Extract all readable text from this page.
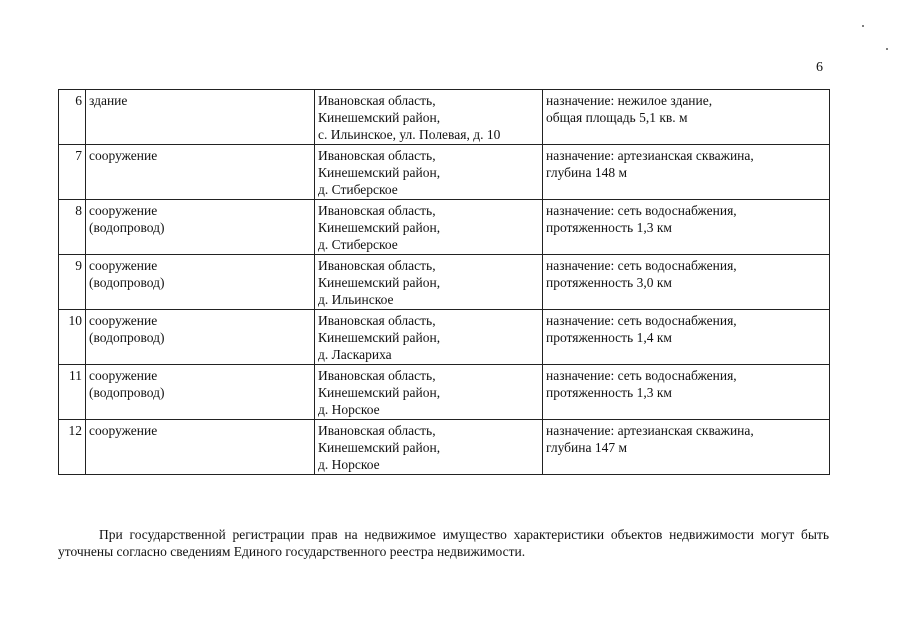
6
6	здание	Ивановская область,
Кинешемский район,
с. Ильинское, ул. Полевая, д. 10	назначение: нежилое здание,
общая площадь 5,1 кв. м

7	сооружение	Ивановская область,
Кинешемский район,
д. Стиберское	назначение: артезианская скважина,
глубина 148 м

8	сооружение
(водопровод)	Ивановская область,
Кинешемский район,
д. Стиберское	назначение: сеть водоснабжения,
протяженность 1,3 км

9	сооружение
(водопровод)	Ивановская область,
Кинешемский район,
д. Ильинское	назначение: сеть водоснабжения,
протяженность 3,0 км

10	сооружение
(водопровод)	Ивановская область,
Кинешемский район,
д. Ласкариха	назначение: сеть водоснабжения,
протяженность 1,4 км

11	сооружение
(водопровод)	Ивановская область,
Кинешемский район,
д. Норское	назначение: сеть водоснабжения,
протяженность 1,3 км

12	сооружение	Ивановская область,
Кинешемский район,
д. Норское	назначение: артезианская скважина,
глубина 147 м

При государственной регистрации прав на недвижимое имущество характеристики объектов недвижимости могут быть уточнены согласно сведениям Единого государственного реестра недвижимости.
